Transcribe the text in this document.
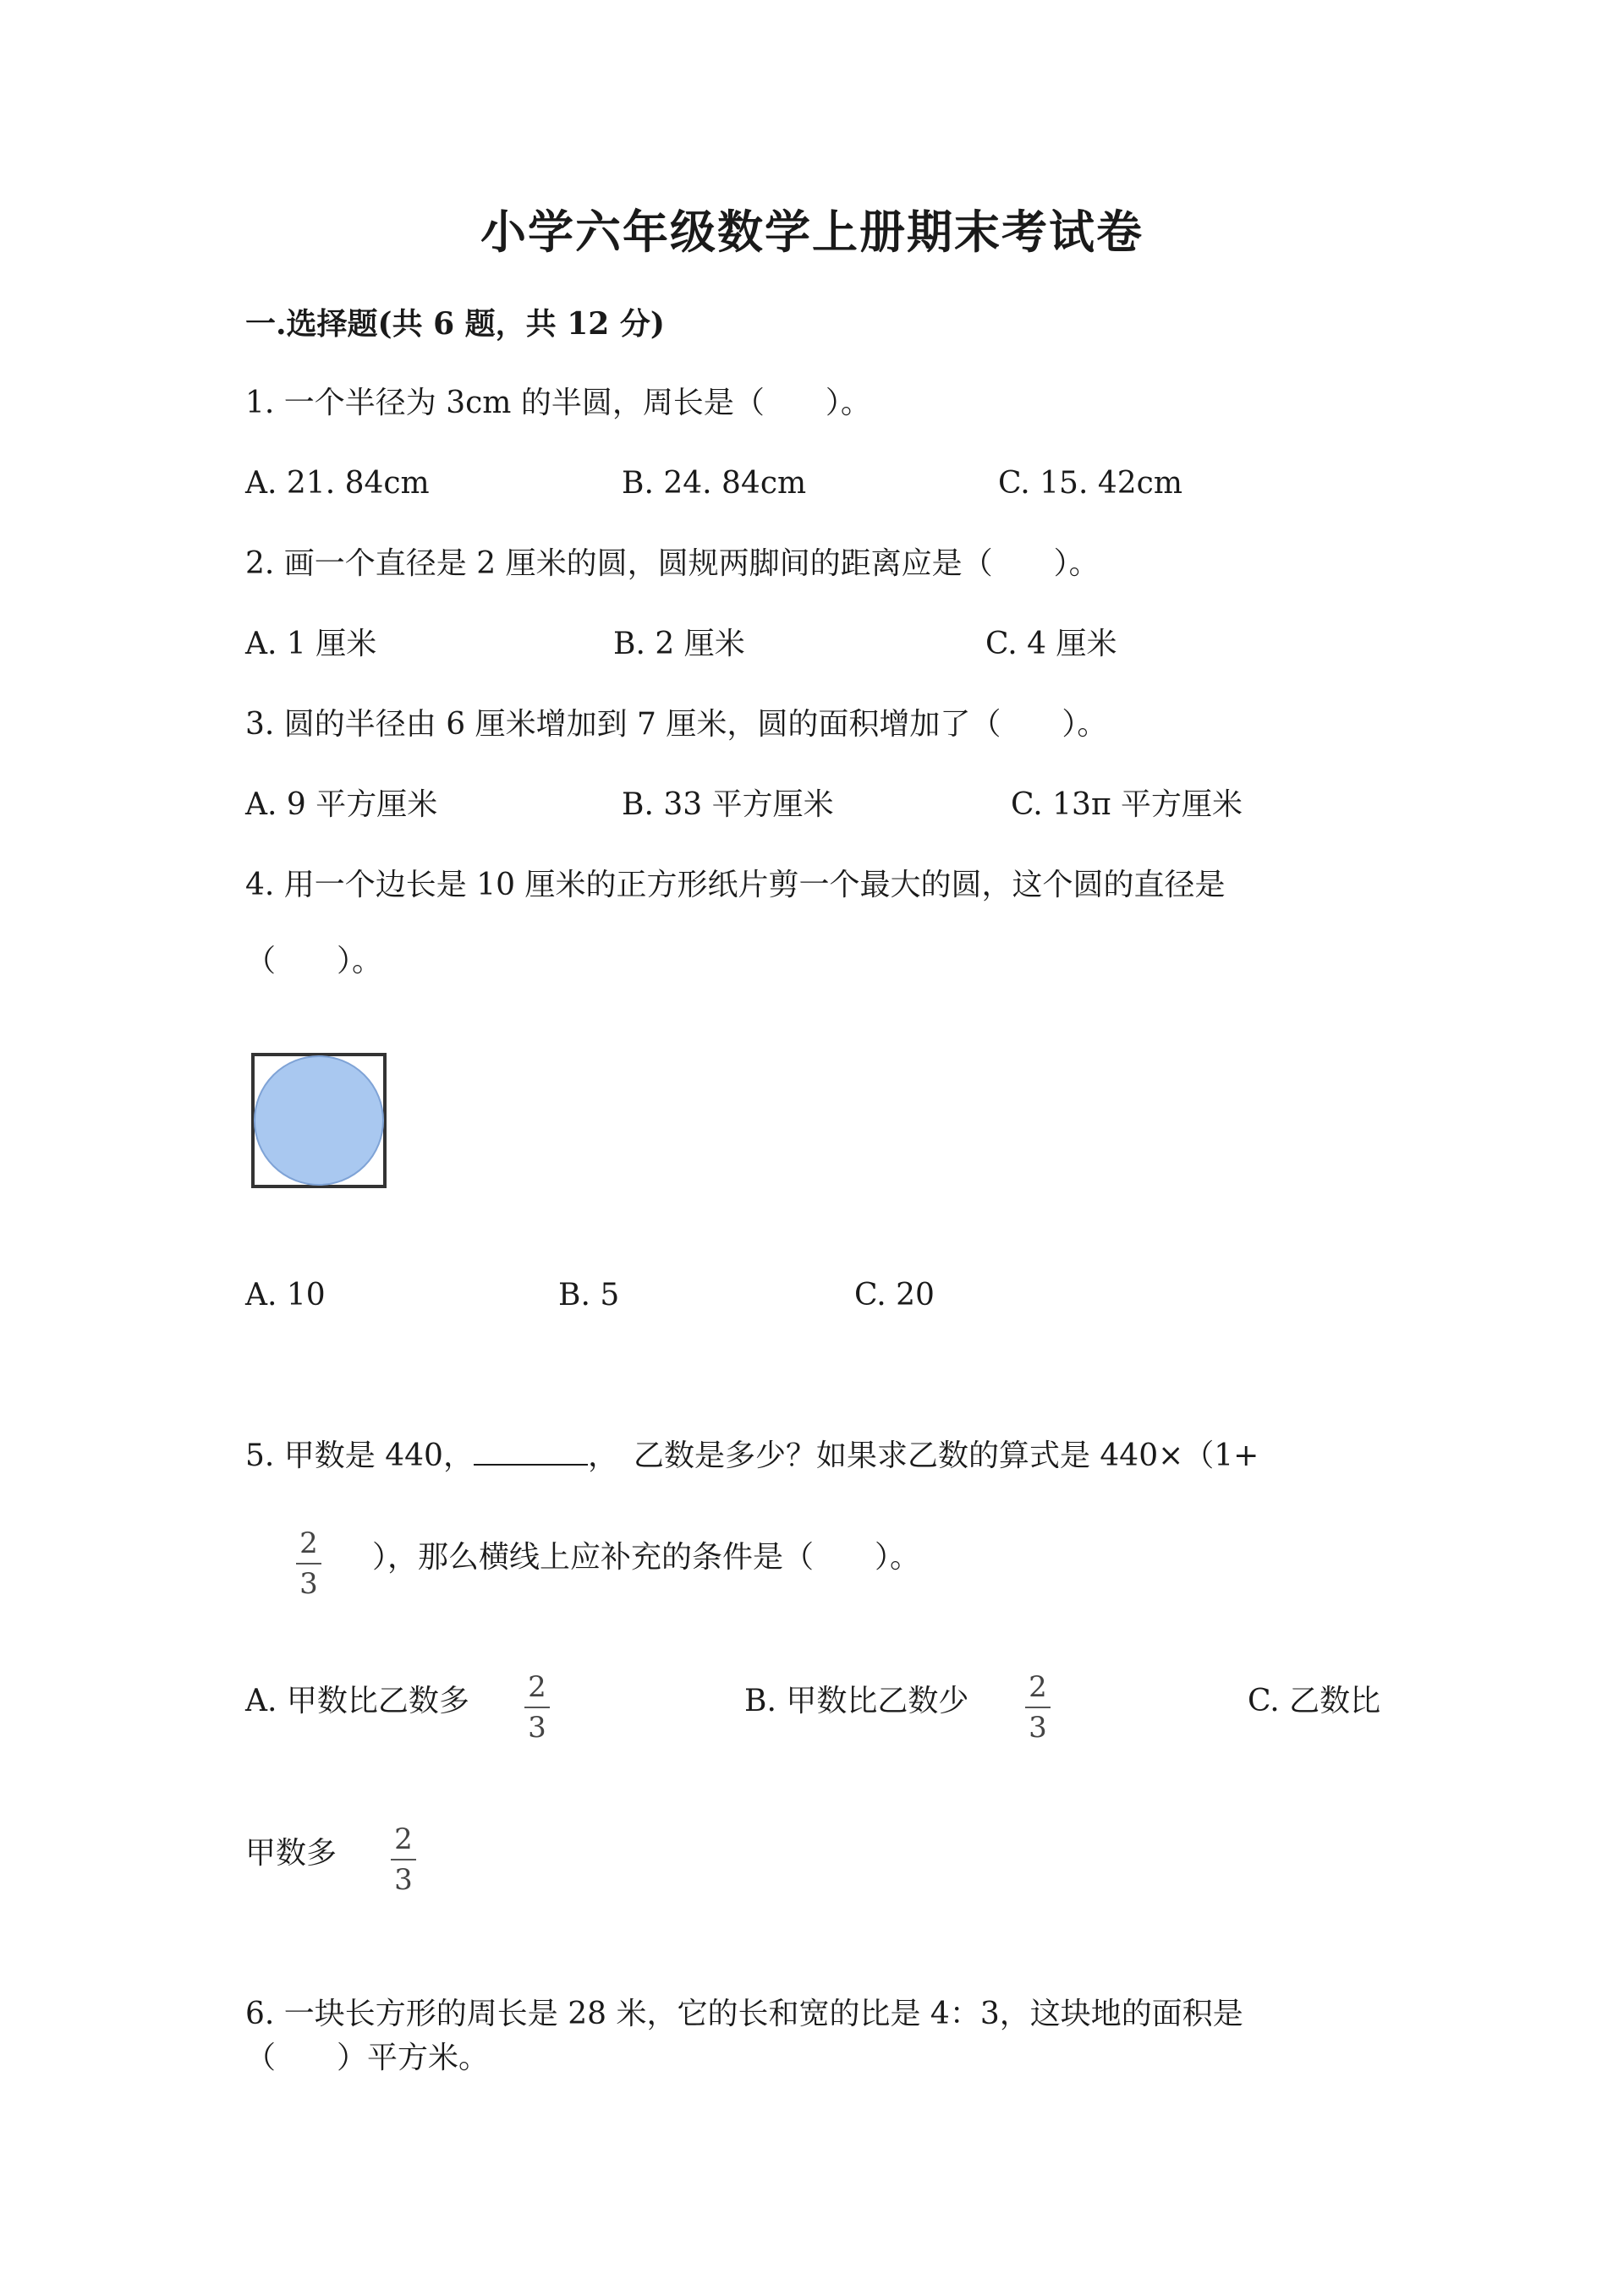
小学六年级数学上册期末考试卷
一.选择题(共 6 题，共 12 分)
1. 一个半径为 3cm 的半圆，周长是（　　）。
A. 21. 84cm	B. 24. 84cm	C. 15. 42cm
2. 画一个直径是 2 厘米的圆，圆规两脚间的距离应是（　　）。
A. 1 厘米	B. 2 厘米	C. 4 厘米
3. 圆的半径由 6 厘米增加到 7 厘米，圆的面积增加了（　　）。
A. 9 平方厘米	B. 33 平方厘米	C. 13π 平方厘米
4. 用一个边长是 10 厘米的正方形纸片剪一个最大的圆，这个圆的直径是
（　　）。
A. 10	B. 5	C. 20
5. 甲数是 440，	，　乙数是多少？如果求乙数的算式是 440×（1+
2
3
），那么横线上应补充的条件是（　　）。
A. 甲数比乙数多 2
3
B. 甲数比乙数少 2
3
C. 乙数比
甲数多 2
3
6. 一块长方形的周长是 28 米，它的长和宽的比是 4：3，这块地的面积是
（　　）平方米。
